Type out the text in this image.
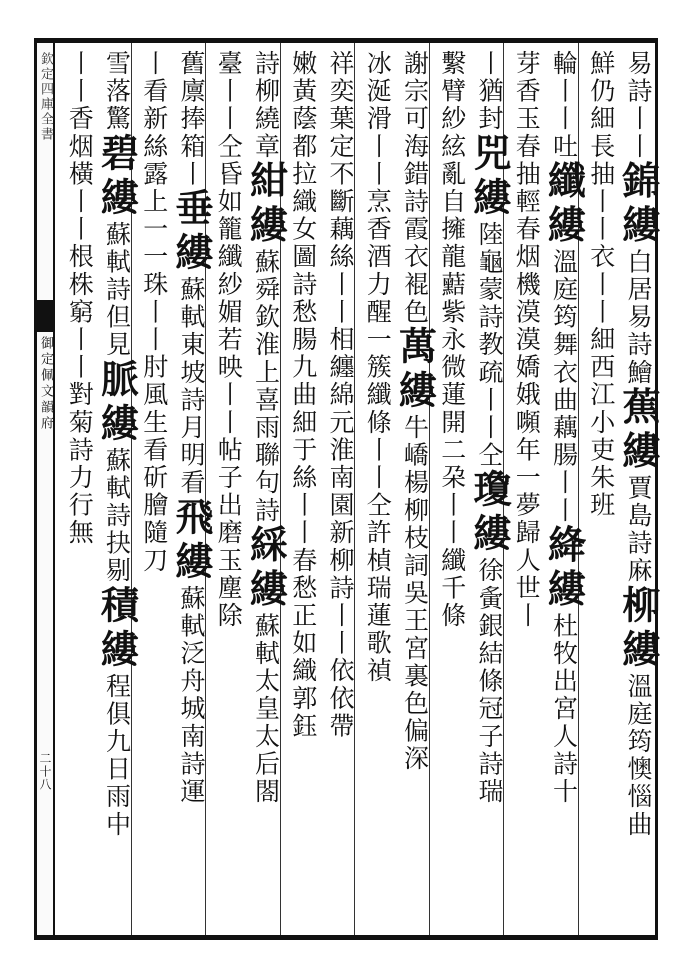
欽定四庫全書
御定佩文韻府
二十八
易詩丨丨錦縷白居易詩鱠蕉縷賈島詩麻柳縷溫庭筠懊惱曲
鮮仍細長抽丨丨衣丨丨細西江小吏朱班
輪丨丨吐纖縷溫庭筠舞衣曲藕腸丨丨絳縷杜牧出宮人詩十
芽香玉春抽輕春烟機漠漠嬌娥嚬年一夢歸人世丨
丨猶封兕縷陸龜蒙詩教疏丨丨仝瓊縷徐夤銀結條冠子詩瑞
繫臂紗絃亂自擁龍䕸紫永微蓮開二朶丨丨纖千條
謝宗可海錯詩霞衣裩色萬縷牛嶠楊柳枝詞吳王宮裏色偏深
冰涎滑丨丨烹香酒力醒一簇纖條丨丨仝許楨瑞蓮歌禎
祥奕葉定不斷藕絲丨丨相纏綿元淮南園新柳詩丨丨依依帶
嫩黃蔭都拉織女圖詩愁腸九曲細于絲丨丨春愁正如織郭鈺
詩柳繞章紺縷蘇舜欽淮上喜雨聯句詩綵縷蘇軾太皇太后閤
臺丨丨仝昏如籠纖紗媚若映丨丨帖子出磨玉塵除
舊廪捧箱丨垂縷蘇軾東坡詩月明看飛縷蘇軾泛舟城南詩運
丨看新絲露上一一珠丨丨肘風生看斫膾隨刀
雪落驚碧縷蘇軾詩但見脈縷蘇軾詩抉剔積縷程俱九日雨中
丨丨香烟橫丨丨根株窮丨丨對菊詩力行無
